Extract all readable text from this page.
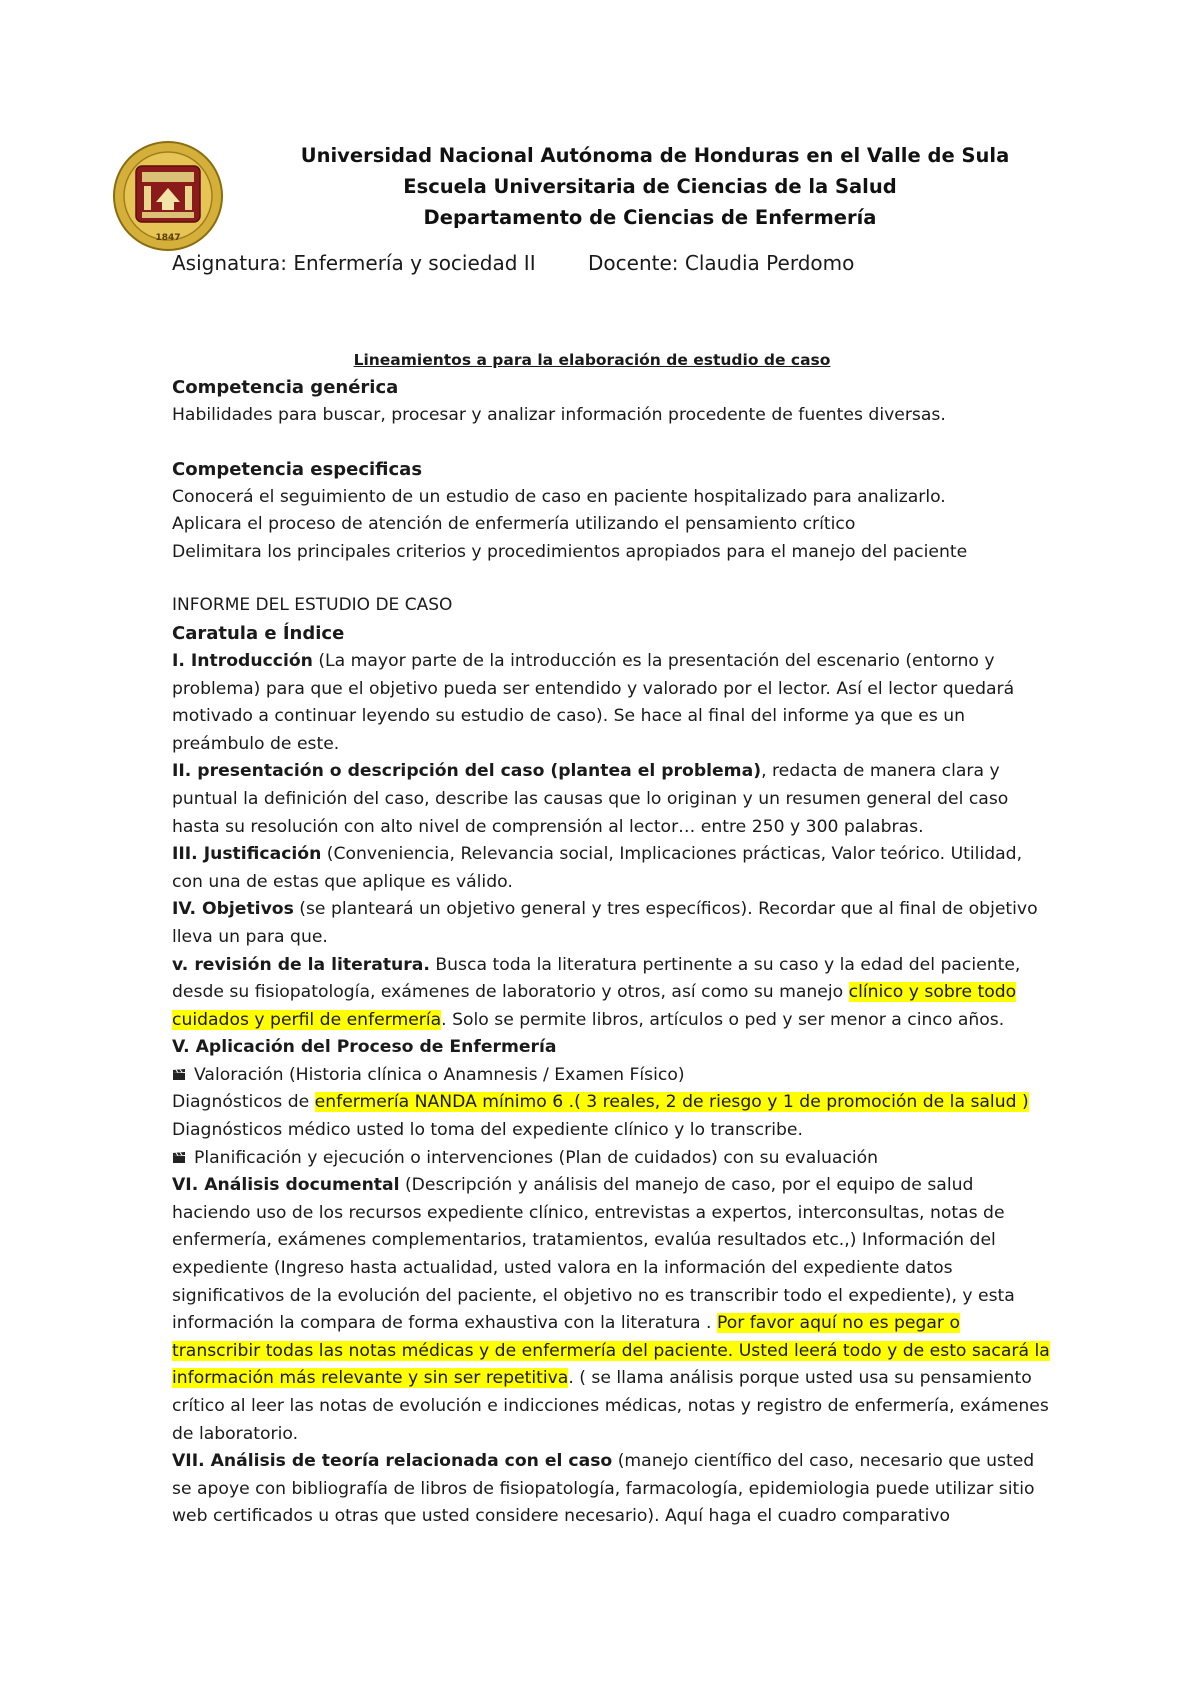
1847
Universidad Nacional Autónoma de Honduras en el Valle de Sula
Escuela Universitaria de Ciencias de la Salud
Departamento de Ciencias de Enfermería
Asignatura: Enfermería y sociedad II	Docente: Claudia Perdomo
Lineamientos a para la elaboración de estudio de caso
Competencia genérica

Habilidades para buscar, procesar y analizar información procedente de fuentes diversas.

Competencia especificas

Conocerá el seguimiento de un estudio de caso en paciente hospitalizado para analizarlo.

Aplicara el proceso de atención de enfermería utilizando el pensamiento crítico

Delimitara los principales criterios y procedimientos apropiados para el manejo del paciente

INFORME DEL ESTUDIO DE CASO

Caratula e Índice

I. Introducción (La mayor parte de la introducción es la presentación del escenario (entorno y problema) para que el objetivo pueda ser entendido y valorado por el lector. Así el lector quedará motivado a continuar leyendo su estudio de caso). Se hace al final del informe ya que es un preámbulo de este.

II. presentación o descripción del caso (plantea el problema), redacta de manera clara y puntual la definición del caso, describe las causas que lo originan y un resumen general del caso hasta su resolución con alto nivel de comprensión al lector… entre 250 y 300 palabras.

III. Justificación (Conveniencia, Relevancia social, Implicaciones prácticas, Valor teórico. Utilidad, con una de estas que aplique es válido.

IV. Objetivos (se planteará un objetivo general y tres específicos). Recordar que al final de objetivo lleva un para que.

v. revisión de la literatura. Busca toda la literatura pertinente a su caso y la edad del paciente, desde su fisiopatología, exámenes de laboratorio y otros, así como su manejo clínico y sobre todo cuidados y perfil de enfermería. Solo se permite libros, artículos o ped y ser menor a cinco años.

V. Aplicación del Proceso de Enfermería

Valoración (Historia clínica o Anamnesis / Examen Físico)

Diagnósticos de enfermería NANDA mínimo 6 .( 3 reales, 2 de riesgo y 1 de promoción de la salud ) Diagnósticos médico usted lo toma del expediente clínico y lo transcribe.

Planificación y ejecución o intervenciones (Plan de cuidados) con su evaluación

VI. Análisis documental (Descripción y análisis del manejo de caso, por el equipo de salud haciendo uso de los recursos expediente clínico, entrevistas a expertos, interconsultas, notas de enfermería, exámenes complementarios, tratamientos, evalúa resultados etc.,) Información del expediente (Ingreso hasta actualidad, usted valora en la información del expediente datos significativos de la evolución del paciente, el objetivo no es transcribir todo el expediente), y esta información la compara de forma exhaustiva con la literatura . Por favor aquí no es pegar o transcribir todas las notas médicas y de enfermería del paciente. Usted leerá todo y de esto sacará la información más relevante y sin ser repetitiva. ( se llama análisis porque usted usa su pensamiento crítico al leer las notas de evolución e indicciones médicas, notas y registro de enfermería, exámenes de laboratorio.

VII. Análisis de teoría relacionada con el caso (manejo científico del caso, necesario que usted se apoye con bibliografía de libros de fisiopatología, farmacología, epidemiologia puede utilizar sitio web certificados u otras que usted considere necesario). Aquí haga el cuadro comparativo
